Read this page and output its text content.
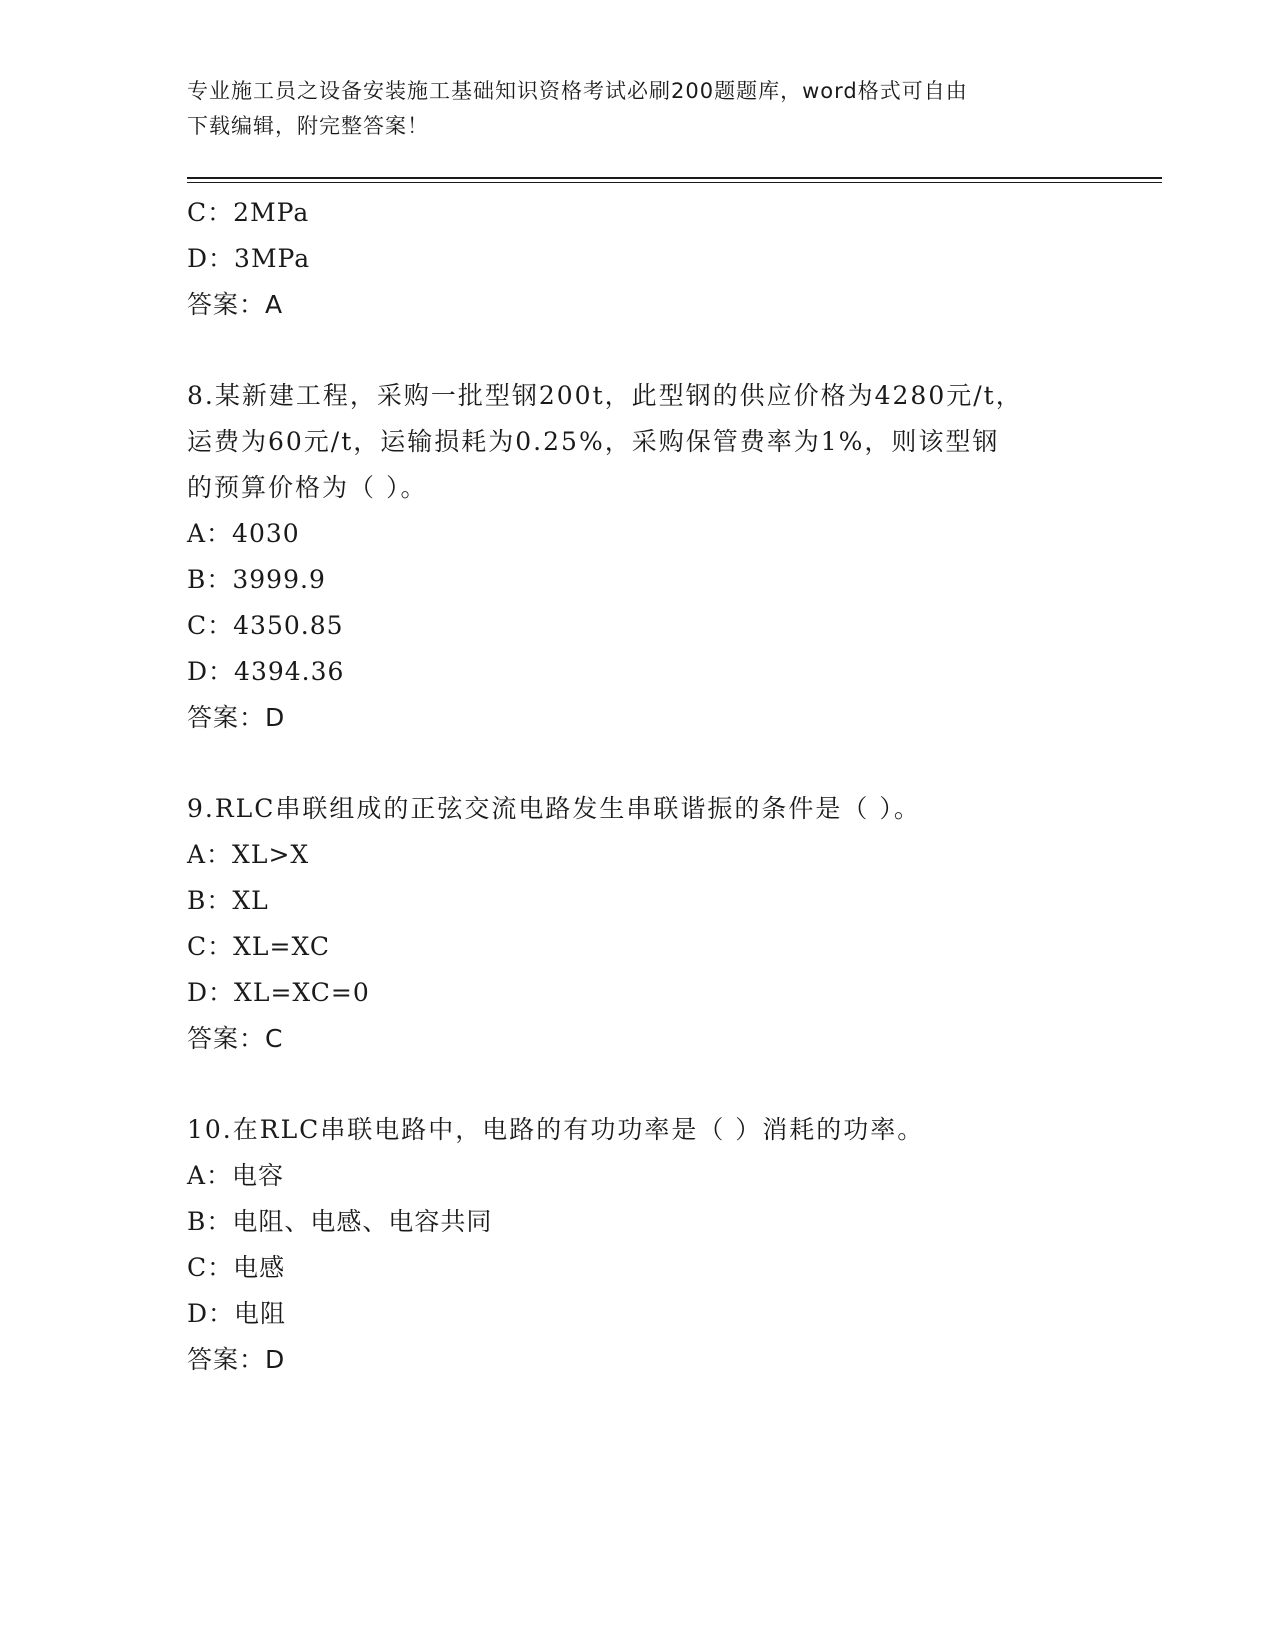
专业施工员之设备安装施工基础知识资格考试必刷200题题库，word格式可自由
下载编辑，附完整答案！
C：2MPa
D：3MPa
答案：A
8.某新建工程，采购一批型钢200t，此型钢的供应价格为4280元/t，
运费为60元/t，运输损耗为0.25%，采购保管费率为1%，则该型钢
的预算价格为（ ）。
A：4030
B：3999.9
C：4350.85
D：4394.36
答案：D
9.RLC串联组成的正弦交流电路发生串联谐振的条件是（ ）。
A：XL>X
B：XL
C：XL=XC
D：XL=XC=0
答案：C
10.在RLC串联电路中，电路的有功功率是（ ）消耗的功率。
A：电容
B：电阻、电感、电容共同
C：电感
D：电阻
答案：D
